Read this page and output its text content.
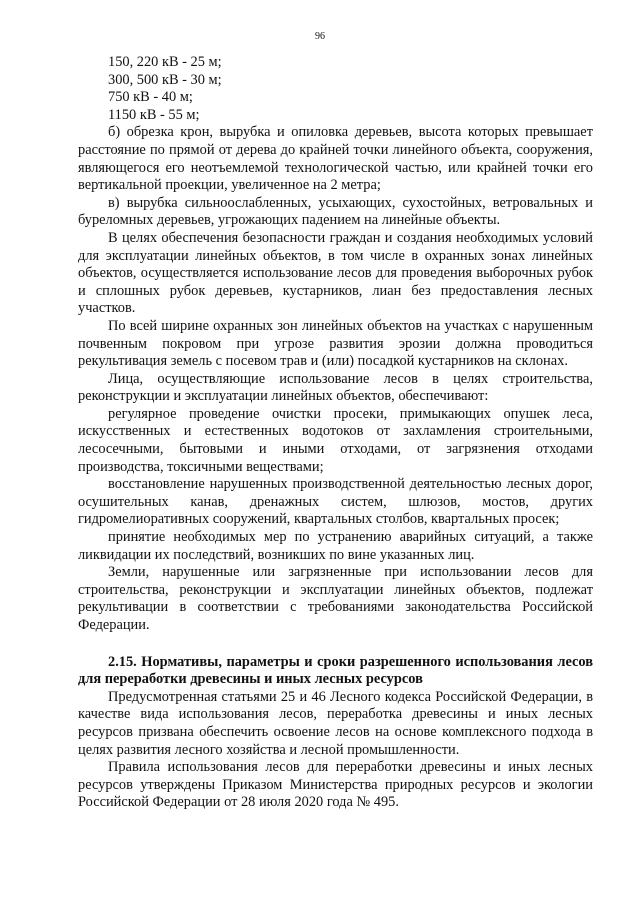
96

150, 220 кВ - 25 м;

300, 500 кВ - 30 м;

750 кВ - 40 м;

1150 кВ - 55 м;

б) обрезка крон, вырубка и опиловка деревьев, высота которых превышает расстояние по прямой от дерева до крайней точки линейного объекта, сооружения, являющегося его неотъемлемой технологической частью, или крайней точки его вертикальной проекции, увеличенное на 2 метра;

в) вырубка сильноослабленных, усыхающих, сухостойных, ветровальных и буреломных деревьев, угрожающих падением на линейные объекты.

В целях обеспечения безопасности граждан и создания необходимых условий для эксплуатации линейных объектов, в том числе в охранных зонах линейных объектов, осуществляется использование лесов для проведения выборочных рубок и сплошных рубок деревьев, кустарников, лиан без предоставления лесных участков.

По всей ширине охранных зон линейных объектов на участках с нарушенным почвенным покровом при угрозе развития эрозии должна проводиться рекультивация земель с посевом трав и (или) посадкой кустарников на склонах.

Лица, осуществляющие использование лесов в целях строительства, реконструкции и эксплуатации линейных объектов, обеспечивают:

регулярное проведение очистки просеки, примыкающих опушек леса, искусственных и естественных водотоков от захламления строительными, лесосечными, бытовыми и иными отходами, от загрязнения отходами производства, токсичными веществами;

восстановление нарушенных производственной деятельностью лесных дорог, осушительных канав, дренажных систем, шлюзов, мостов, других гидромелиоративных сооружений, квартальных столбов, квартальных просек;

принятие необходимых мер по устранению аварийных ситуаций, а также ликвидации их последствий, возникших по вине указанных лиц.

Земли, нарушенные или загрязненные при использовании лесов для строительства, реконструкции и эксплуатации линейных объектов, подлежат рекультивации в соответствии с требованиями законодательства Российской Федерации.

2.15. Нормативы, параметры и сроки разрешенного использования лесов для переработки древесины и иных лесных ресурсов

Предусмотренная статьями 25 и 46 Лесного кодекса Российской Федерации, в качестве вида использования лесов, переработка древесины и иных лесных ресурсов призвана обеспечить освоение лесов на основе комплексного подхода в целях развития лесного хозяйства и лесной промышленности.

Правила использования лесов для переработки древесины и иных лесных ресурсов утверждены Приказом Министерства природных ресурсов и экологии Российской Федерации от 28 июля 2020 года № 495.
